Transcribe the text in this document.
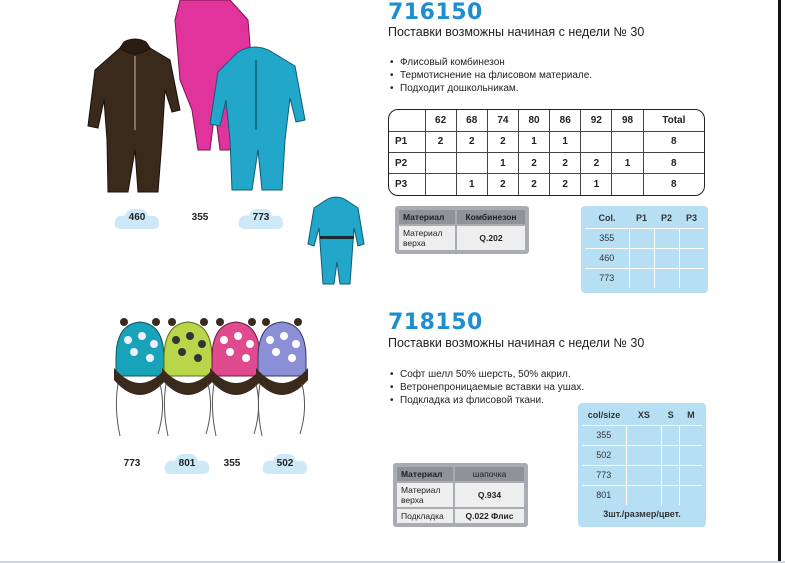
460	355	773
716150
Поставки возможны начиная с недели № 30
• Флисовый комбинезон
• Термотиснение на флисовом материале.
• Подходит дошкольникам.
	62	68	74	80	86	92	98	Total
P1	2	2	2	1	1			8
P2			1	2	2	2	1	8
P3		1	2	2	2	1		8
Материал	Комбинезон
Материал верха	Q.202
Col.	P1	P2	P3
355			
460			
773			
773	801	355	502
718150
Поставки возможны начиная с недели № 30
• Софт шелл 50% шерсть, 50% акрил.
• Ветронепроницаемые вставки на ушах.
• Подкладка из флисовой ткани.
Материал	шапочка
Материал верха	Q.934
Подкладка	Q.022 Флис
col/size	XS	S	M
355			
502			
773			
801			
3шт./размер/цвет.
